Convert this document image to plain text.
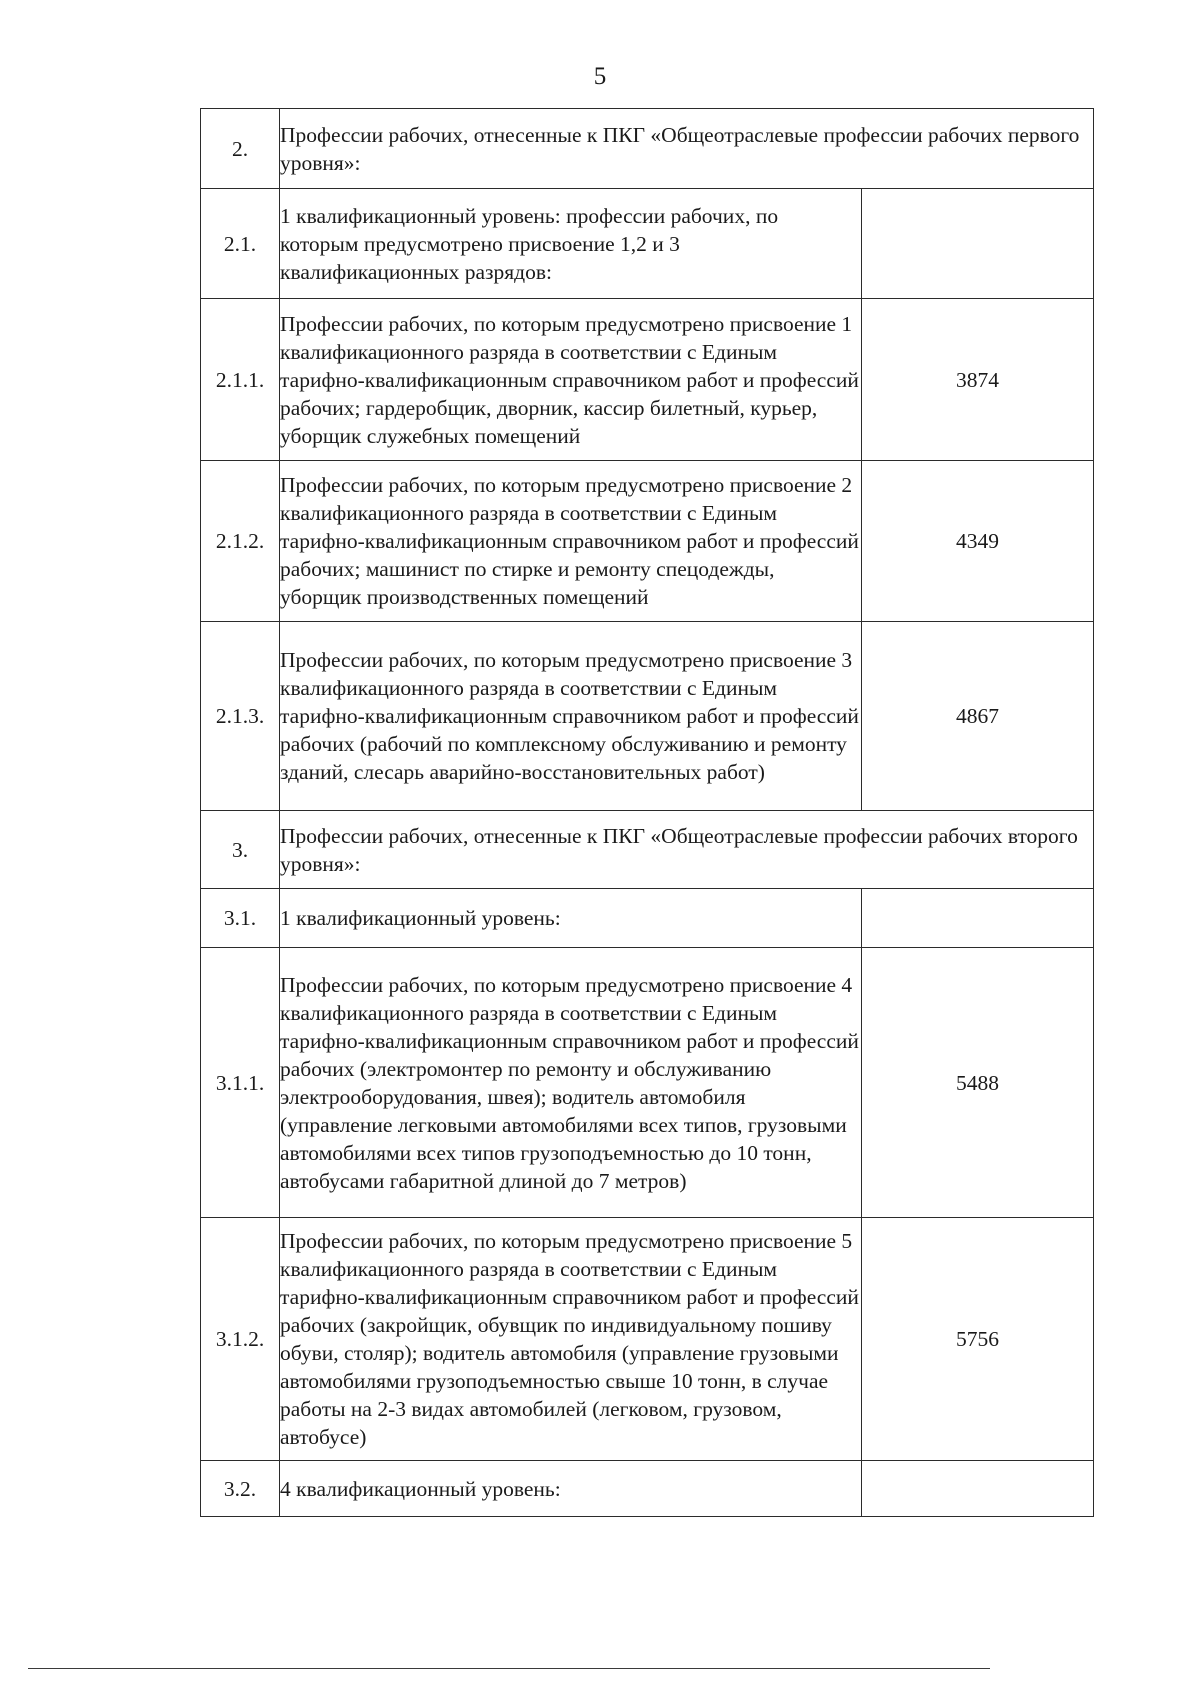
5
2.	Профессии рабочих, отнесенные к ПКГ «Общеотраслевые профессии рабочих первого уровня»:	
2.1.	1 квалификационный уровень: профессии рабочих, по которым предусмотрено присвоение 1,2 и 3 квалификационных разрядов:	
2.1.1.	Профессии рабочих, по которым предусмотрено присвоение 1 квалификационного разряда в соответствии с Единым тарифно-квалификационным справочником работ и профессий рабочих; гардеробщик, дворник, кассир билетный, курьер, уборщик служебных помещений	3874
2.1.2.	Профессии рабочих, по которым предусмотрено присвоение 2 квалификационного разряда в соответствии с Единым тарифно-квалификационным справочником работ и профессий рабочих; машинист по стирке и ремонту спецодежды, уборщик производственных помещений	4349
2.1.3.	Профессии рабочих, по которым предусмотрено присвоение 3 квалификационного разряда в соответствии с Единым тарифно-квалификационным справочником работ и профессий рабочих (рабочий по комплексному обслуживанию и ремонту зданий, слесарь аварийно-восстановительных работ)	4867
3.	Профессии рабочих, отнесенные к ПКГ «Общеотраслевые профессии рабочих второго уровня»:	
3.1.	1 квалификационный уровень:	
3.1.1.	Профессии рабочих, по которым предусмотрено присвоение 4 квалификационного разряда в соответствии с Единым тарифно-квалификационным справочником работ и профессий рабочих (электромонтер по ремонту и обслуживанию электрооборудования, швея); водитель автомобиля (управление легковыми автомобилями всех типов, грузовыми автомобилями всех типов грузоподъемностью до 10 тонн, автобусами габаритной длиной до 7 метров)	5488
3.1.2.	Профессии рабочих, по которым предусмотрено присвоение 5 квалификационного разряда в соответствии с Единым тарифно-квалификационным справочником работ и профессий рабочих (закройщик, обувщик по индивидуальному пошиву обуви, столяр); водитель автомобиля (управление грузовыми автомобилями грузоподъемностью свыше 10 тонн, в случае работы на 2-3 видах автомобилей (легковом, грузовом, автобусе)	5756
3.2.	4 квалификационный уровень:	
